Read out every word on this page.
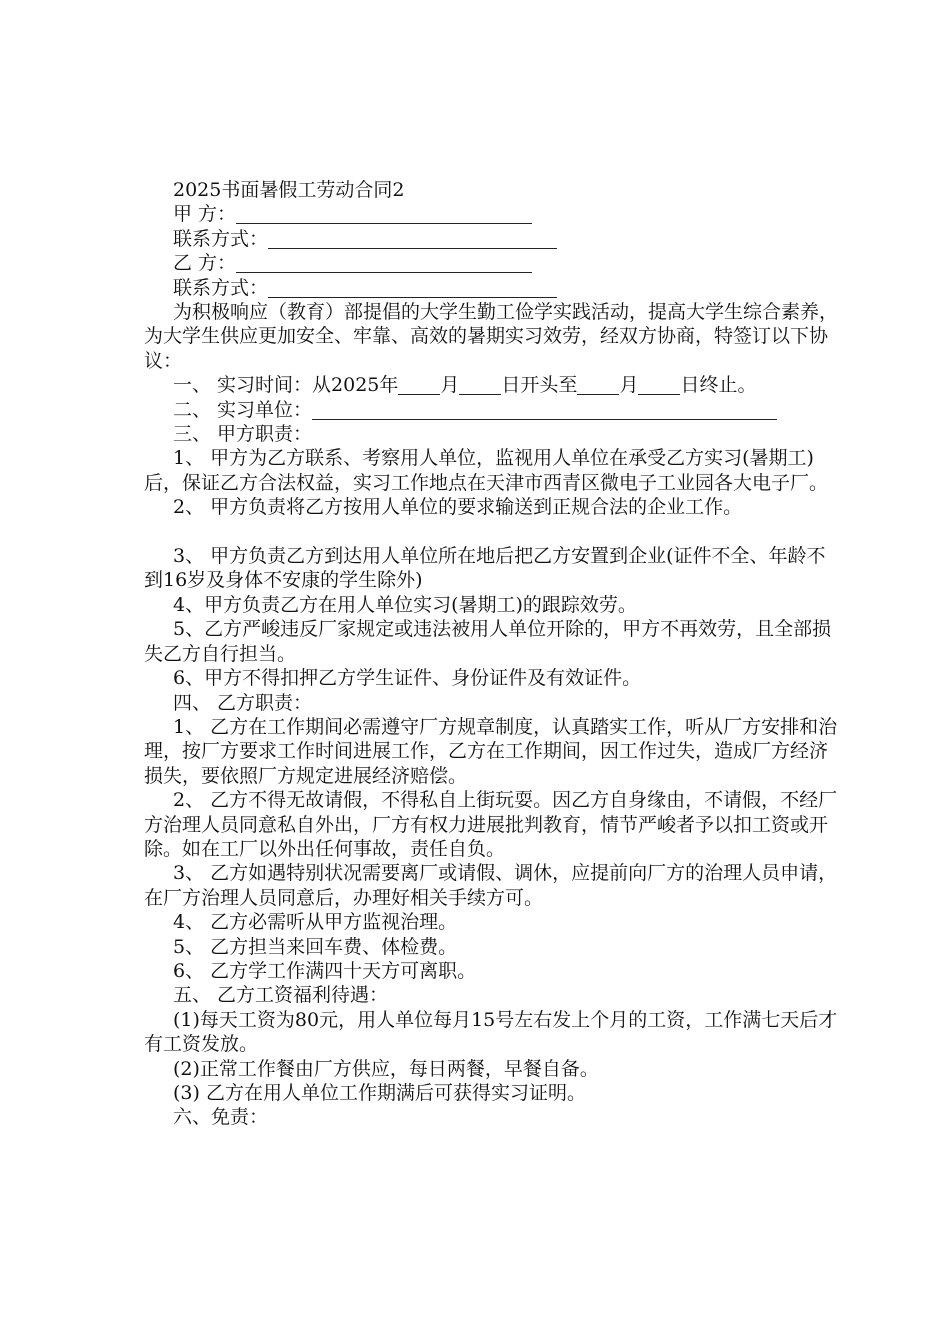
2025书面暑假工劳动合同2

甲 方：

联系方式：

乙 方：

联系方式：

为积极响应（教育）部提倡的大学生勤工俭学实践活动，提高大学生综合素养，为大学生供应更加安全、牢靠、高效的暑期实习效劳，经双方协商，特签订以下协议：

一、 实习时间：从2025年 月 日开头至 月 日终止。

二、 实习单位：

三、 甲方职责：

1、 甲方为乙方联系、考察用人单位，监视用人单位在承受乙方实习(暑期工)后，保证乙方合法权益，实习工作地点在天津市西青区微电子工业园各大电子厂。

2、 甲方负责将乙方按用人单位的要求输送到正规合法的企业工作。

3、 甲方负责乙方到达用人单位所在地后把乙方安置到企业(证件不全、年龄不到16岁及身体不安康的学生除外)

4、甲方负责乙方在用人单位实习(暑期工)的跟踪效劳。

5、乙方严峻违反厂家规定或违法被用人单位开除的，甲方不再效劳，且全部损失乙方自行担当。

6、甲方不得扣押乙方学生证件、身份证件及有效证件。

四、 乙方职责：

1、 乙方在工作期间必需遵守厂方规章制度，认真踏实工作，听从厂方安排和治理，按厂方要求工作时间进展工作，乙方在工作期间，因工作过失，造成厂方经济损失，要依照厂方规定进展经济赔偿。

2、 乙方不得无故请假，不得私自上街玩耍。因乙方自身缘由，不请假，不经厂方治理人员同意私自外出，厂方有权力进展批判教育，情节严峻者予以扣工资或开除。如在工厂以外出任何事故，责任自负。

3、 乙方如遇特别状况需要离厂或请假、调休，应提前向厂方的治理人员申请，在厂方治理人员同意后，办理好相关手续方可。

4、 乙方必需听从甲方监视治理。

5、 乙方担当来回车费、体检费。

6、 乙方学工作满四十天方可离职。

五、 乙方工资福利待遇：

(1)每天工资为80元，用人单位每月15号左右发上个月的工资，工作满七天后才有工资发放。

(2)正常工作餐由厂方供应，每日两餐，早餐自备。

(3) 乙方在用人单位工作期满后可获得实习证明。

六、免责：
